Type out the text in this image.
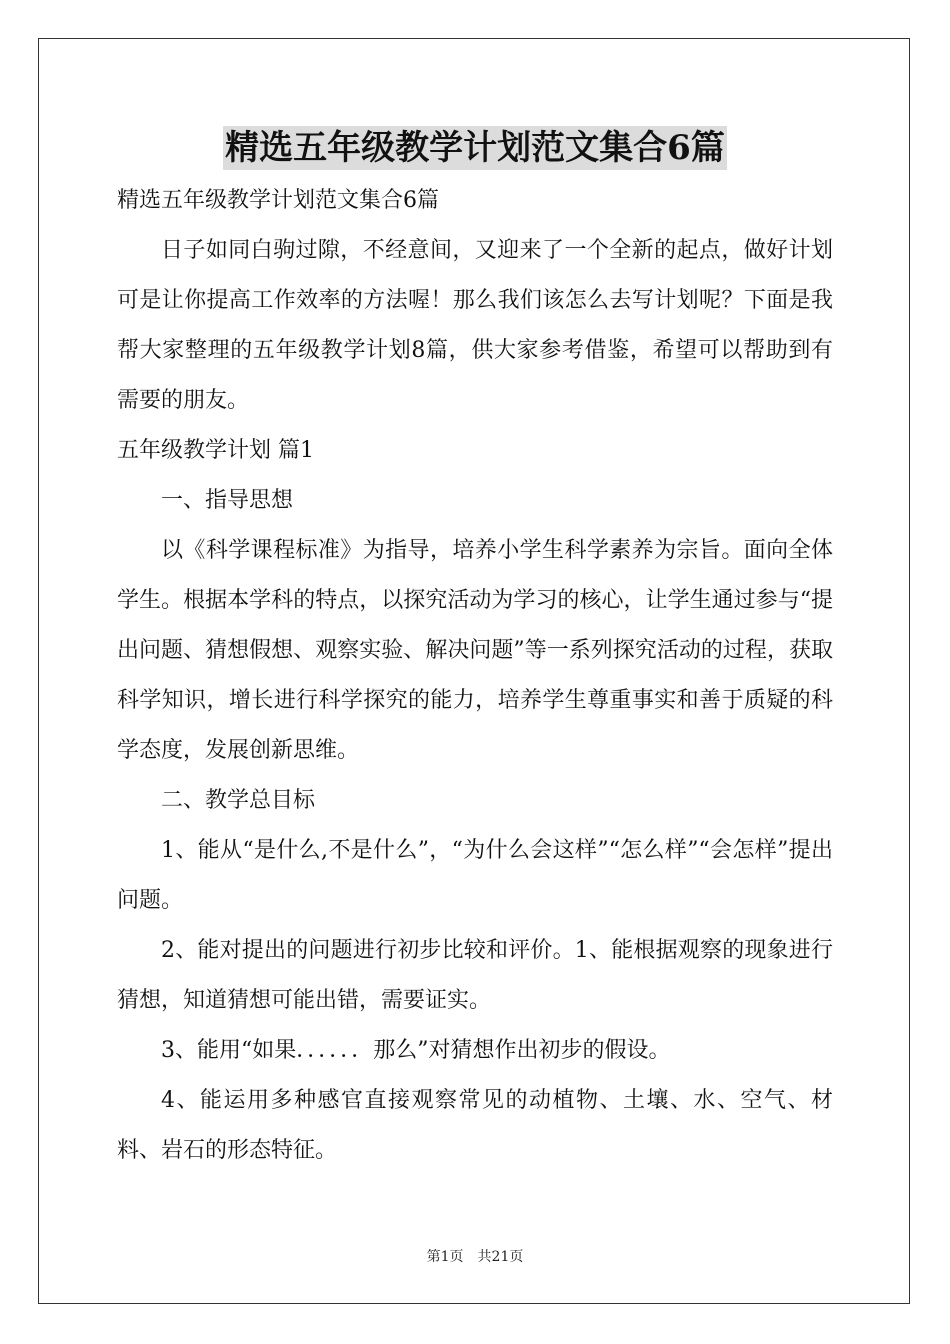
精选五年级教学计划范文集合6篇

精选五年级教学计划范文集合6篇

日子如同白驹过隙，不经意间，又迎来了一个全新的起点，做好计划可是让你提高工作效率的方法喔！那么我们该怎么去写计划呢？下面是我帮大家整理的五年级教学计划8篇，供大家参考借鉴，希望可以帮助到有需要的朋友。

五年级教学计划 篇1

一、指导思想

以《科学课程标准》为指导，培养小学生科学素养为宗旨。面向全体学生。根据本学科的特点，以探究活动为学习的核心，让学生通过参与“提出问题、猜想假想、观察实验、解决问题”等一系列探究活动的过程，获取科学知识，增长进行科学探究的能力，培养学生尊重事实和善于质疑的科学态度，发展创新思维。

二、教学总目标

1、能从“是什么,不是什么”，“为什么会这样”“怎么样”“会怎样”提出问题。

2、能对提出的问题进行初步比较和评价。1、能根据观察的现象进行猜想，知道猜想可能出错，需要证实。

3、能用“如果．．．．．．那么”对猜想作出初步的假设。

4、能运用多种感官直接观察常见的动植物、土壤、水、空气、材料、岩石的形态特征。

第1页　共21页
